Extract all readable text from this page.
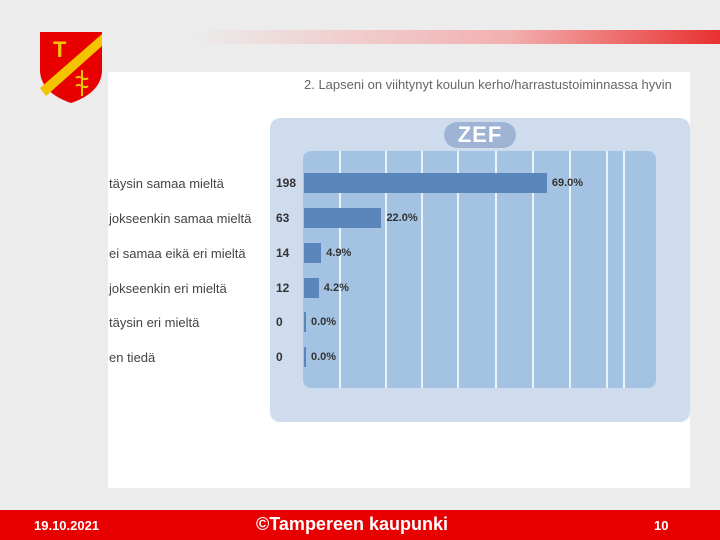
T
2. Lapseni on viihtynyt koulun kerho/harrastustoiminnassa hyvin
ZEF
täysin samaa mieltä	198	69.0%
jokseenkin samaa mieltä 63	22.0%
ei samaa eikä eri mieltä	14	4.9%
jokseenkin eri mieltä	12	4.2%
täysin eri mieltä	0	0.0%
en tiedä	0	0.0%
19.10.2021	©Tampereen kaupunki	10
